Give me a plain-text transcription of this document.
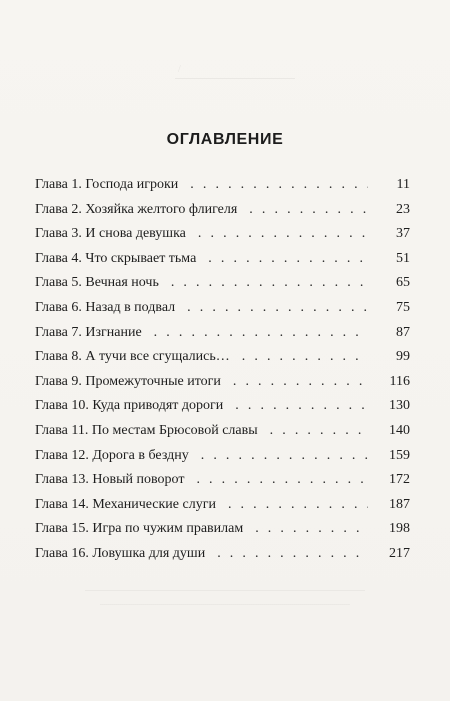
/
ОГЛАВЛЕНИЕ
Глава 1. Господа игроки . . .	11
Глава 2. Хозяйка желтого флигеля . . .	23
Глава 3. И снова девушка . . .	37
Глава 4. Что скрывает тьма . . .	51
Глава 5. Вечная ночь . . .	65
Глава 6. Назад в подвал . . .	75
Глава 7. Изгнание . . .	87
Глава 8. А тучи все сгущались… . . .	99
Глава 9. Промежуточные итоги . . .	116
Глава 10. Куда приводят дороги . . .	130
Глава 11. По местам Брюсовой славы . . .	140
Глава 12. Дорога в бездну . . .	159
Глава 13. Новый поворот . . .	172
Глава 14. Механические слуги . . .	187
Глава 15. Игра по чужим правилам . . .	198
Глава 16. Ловушка для души . . .	217
